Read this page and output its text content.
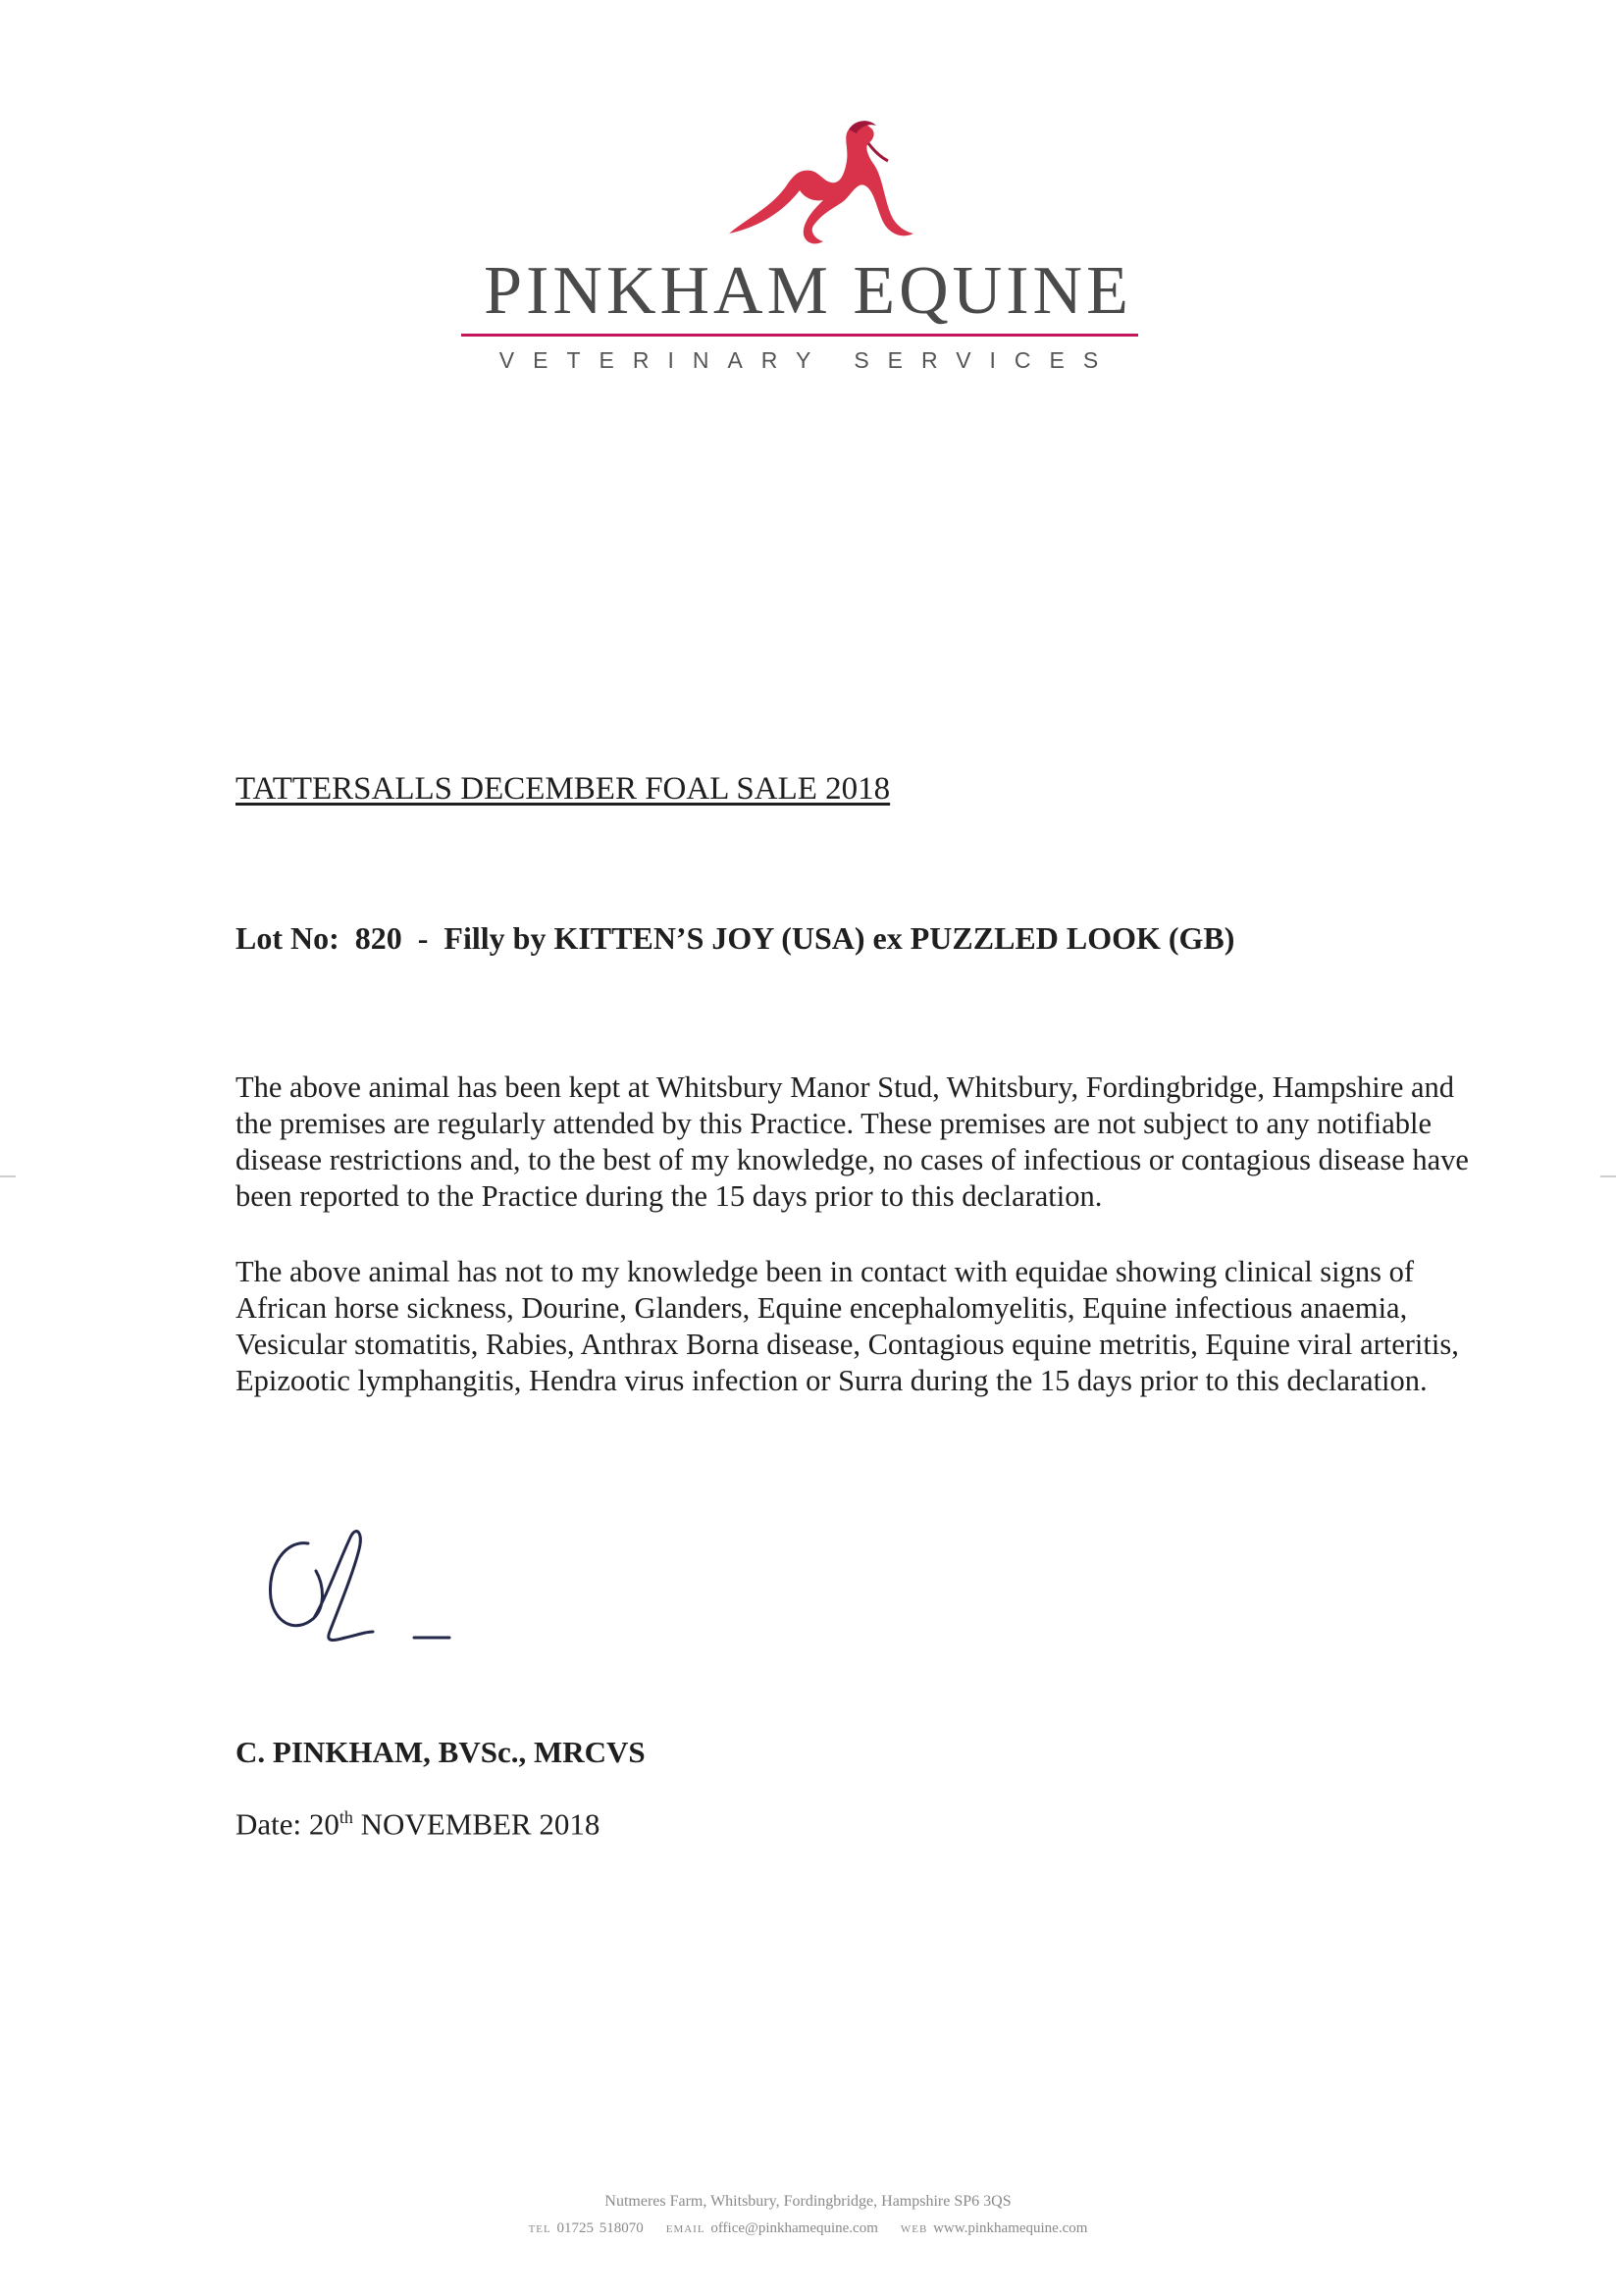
PINKHAM EQUINE
VETERINARY SERVICES
TATTERSALLS DECEMBER FOAL SALE 2018
Lot No:  820  -  Filly by KITTEN’S JOY (USA) ex PUZZLED LOOK (GB)

The above animal has been kept at Whitsbury Manor Stud, Whitsbury, Fordingbridge, Hampshire and the premises are regularly attended by this Practice. These premises are not subject to any notifiable disease restrictions and, to the best of my knowledge, no cases of infectious or contagious disease have been reported to the Practice during the 15 days prior to this declaration.

The above animal has not to my knowledge been in contact with equidae showing clinical signs of African horse sickness, Dourine, Glanders, Equine encephalomyelitis, Equine infectious anaemia, Vesicular stomatitis, Rabies, Anthrax Borna disease, Contagious equine metritis, Equine viral arteritis, Epizootic lymphangitis, Hendra virus infection or Surra during the 15 days prior to this declaration.

C. PINKHAM, BVSc., MRCVS
Date: 20th NOVEMBER 2018
Nutmeres Farm, Whitsbury, Fordingbridge, Hampshire SP6 3QS
TEL 01725 518070 EMAIL office@pinkhamequine.com WEB www.pinkhamequine.com
